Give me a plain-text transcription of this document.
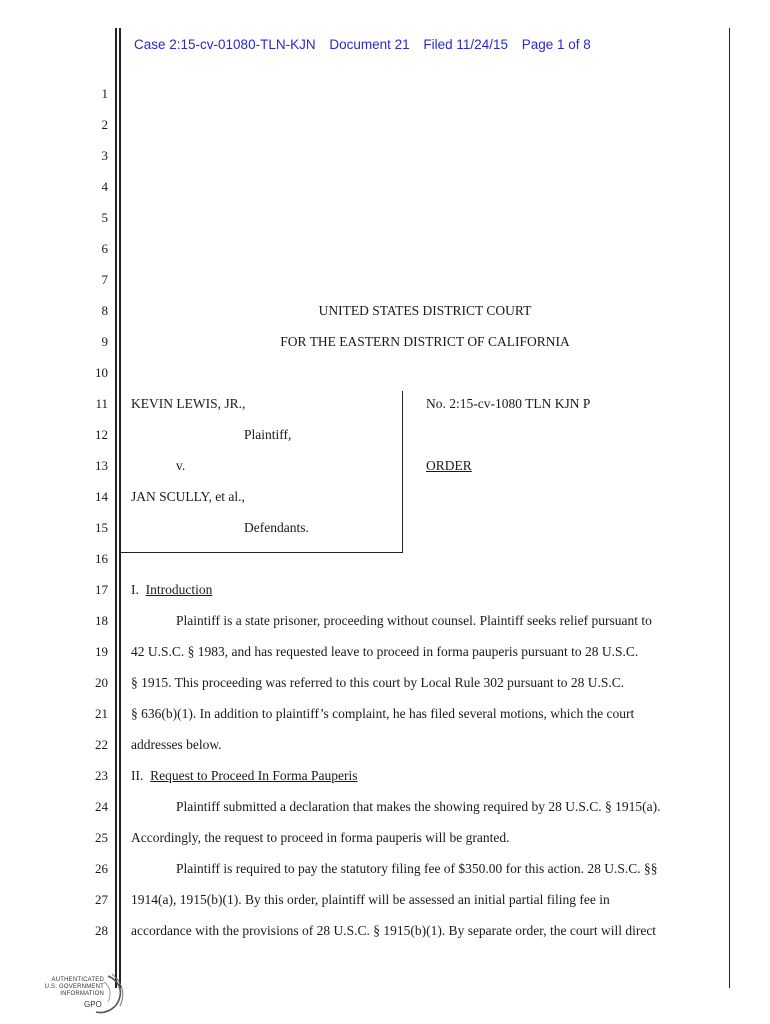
Case 2:15-cv-01080-TLN-KJN Document 21 Filed 11/24/15 Page 1 of 8
1
2
3
4
5
6
7
8
9
10
11
12
13
14
15
16
17
18
19
20
21
22
23
24
25
26
27
28
UNITED STATES DISTRICT COURT
FOR THE EASTERN DISTRICT OF CALIFORNIA
KEVIN LEWIS, JR.,
Plaintiff,
v.
JAN SCULLY, et al.,
Defendants.
No. 2:15-cv-1080 TLN KJN P
ORDER
I. Introduction
Plaintiff is a state prisoner, proceeding without counsel. Plaintiff seeks relief pursuant to
42 U.S.C. § 1983, and has requested leave to proceed in forma pauperis pursuant to 28 U.S.C.
§ 1915. This proceeding was referred to this court by Local Rule 302 pursuant to 28 U.S.C.
§ 636(b)(1). In addition to plaintiff’s complaint, he has filed several motions, which the court
addresses below.
II. Request to Proceed In Forma Pauperis
Plaintiff submitted a declaration that makes the showing required by 28 U.S.C. § 1915(a).
Accordingly, the request to proceed in forma pauperis will be granted.
Plaintiff is required to pay the statutory filing fee of $350.00 for this action. 28 U.S.C. §§
1914(a), 1915(b)(1). By this order, plaintiff will be assessed an initial partial filing fee in
accordance with the provisions of 28 U.S.C. § 1915(b)(1). By separate order, the court will direct
AUTHENTICATED
U.S. GOVERNMENT
INFORMATION
GPO
